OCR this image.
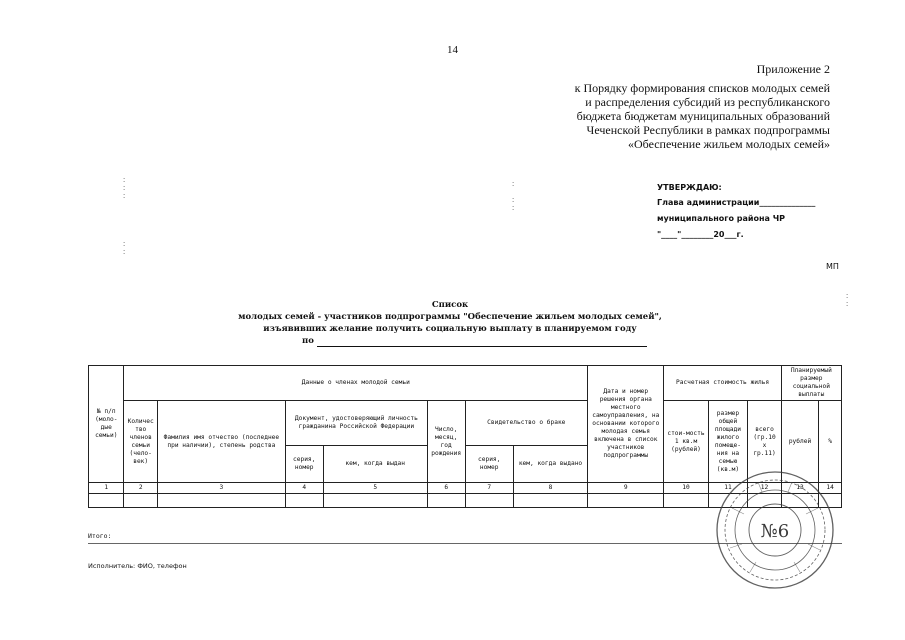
14
Приложение 2
к Порядку формирования списков молодых семей
и распределения субсидий из республиканского
бюджета бюджетам муниципальных образований
Чеченской Республики в рамках подпрограммы
«Обеспечение жильем молодых семей»
:
:
:
:

:
:
:
:
:
:
УТВЕРЖДАЮ:
Глава администрации______________
муниципального района ЧР
"____"________20___г.
МП
Список
молодых семей - участников подпрограммы "Обеспечение жильем молодых семей",
изъявивших желание получить социальную выплату в планируемом году
по
№ п/п (моло-дые семьи)	Данные о членах молодой семьи							Дата и номер решения органа местного самоуправления, на основании которого молодая семья включена в список участников подпрограммы	Расчетная стоимость жилья			Планируемый размер социальной выплаты	
	Количес тво членов семьи (чело-век)	Фамилия имя отчество (последнее при наличии), степень родства	Документ, удостоверяющий личность гражданина Российской Федерации		Число, месяц, год рождения	Свидетельство о браке			стои-мость 1 кв.м (рублей)	размер общей площади жилого помеще-ния на семью (кв.м)	всего (гр.10 х гр.11)	рублей	%
			серия, номер	кем, когда выдан		серия, номер	кем, когда выдано						
1	2	3	4	5	6	7	8	9	10	11	12	13	14

Итого:
Исполнитель: ФИО, телефон
№6
